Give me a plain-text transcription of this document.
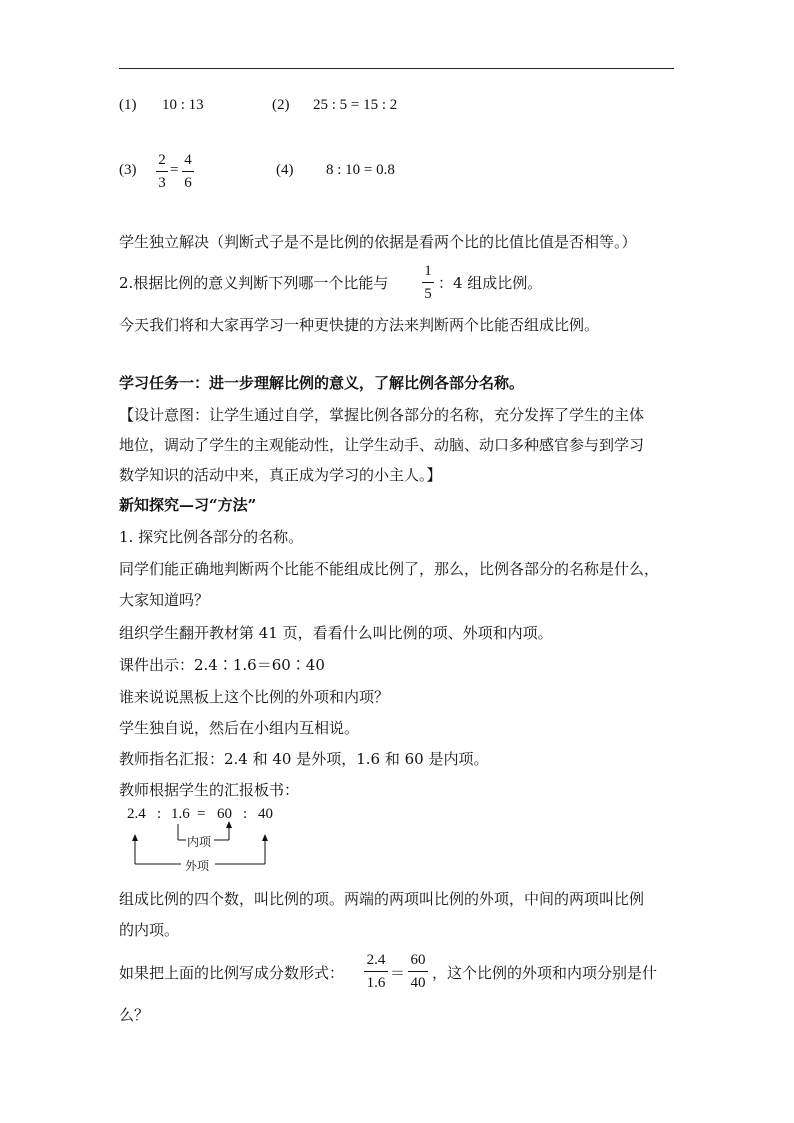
(1) 10 : 13	(2) 25 : 5 = 15 : 2
(3)
2
3
=
4
6
(4) 8 : 10 = 0.8
学生独立解决（判断式子是不是比例的依据是看两个比的比值比值是否相等。）
2.根据比例的意义判断下列哪一个比能与
1
5
：4 组成比例。
今天我们将和大家再学习一种更快捷的方法来判断两个比能否组成比例。
学习任务一：进一步理解比例的意义，了解比例各部分名称。
【设计意图：让学生通过自学，掌握比例各部分的名称，充分发挥了学生的主体
地位，调动了学生的主观能动性，让学生动手、动脑、动口多种感官参与到学习
数学知识的活动中来，真正成为学习的小主人。】
新知探究—习“方法”
1. 探究比例各部分的名称。
同学们能正确地判断两个比能不能组成比例了，那么，比例各部分的名称是什么，
大家知道吗？
组织学生翻开教材第 41 页，看看什么叫比例的项、外项和内项。
课件出示：2.4∶1.6＝60∶40
谁来说说黑板上这个比例的外项和内项？
学生独自说，然后在小组内互相说。
教师指名汇报：2.4 和 40 是外项，1.6 和 60 是内项。
教师根据学生的汇报板书：
2.4 : 1.6 = 60 : 40
内项
外项
组成比例的四个数，叫比例的项。两端的两项叫比例的外项，中间的两项叫比例
的内项。
如果把上面的比例写成分数形式：
2.4
1.6
＝
60
40
，这个比例的外项和内项分别是什
么？
